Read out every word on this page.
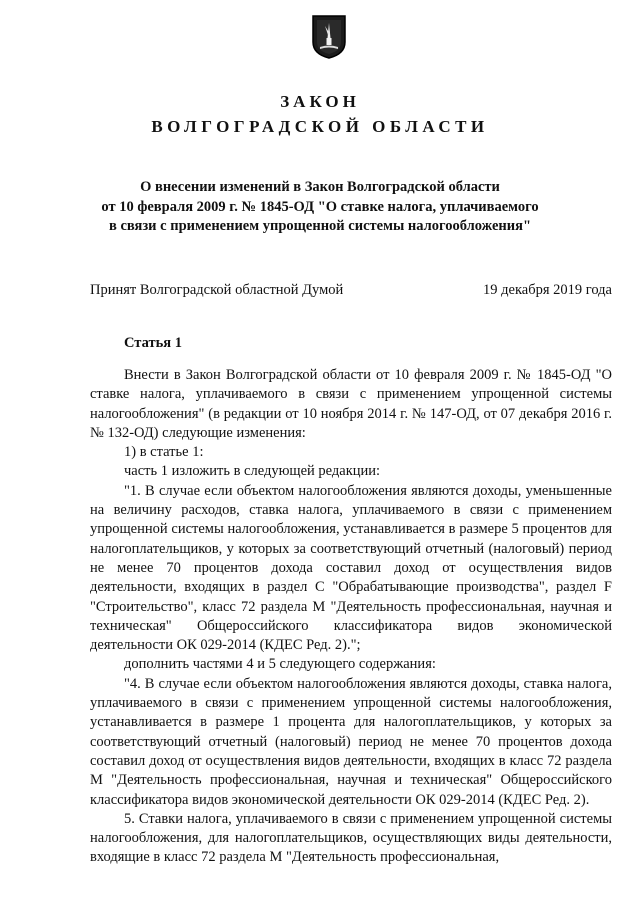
ЗАКОН
ВОЛГОГРАДСКОЙ ОБЛАСТИ
О внесении изменений в Закон Волгоградской области
от 10 февраля 2009 г. № 1845-ОД "О ставке налога, уплачиваемого
в связи с применением упрощенной системы налогообложения"
Принят Волгоградской областной Думой	19 декабря 2019 года
Статья 1

Внести в Закон Волгоградской области от 10 февраля 2009 г. № 1845-ОД "О ставке налога, уплачиваемого в связи с применением упрощенной системы налогообложения" (в редакции от 10 ноября 2014 г. № 147-ОД, от 07 декабря 2016 г. № 132-ОД) следующие изменения:

1) в статье 1:

часть 1 изложить в следующей редакции:

"1. В случае если объектом налогообложения являются доходы, уменьшенные на величину расходов, ставка налога, уплачиваемого в связи с применением упрощенной системы налогообложения, устанавливается в размере 5 процентов для налогоплательщиков, у которых за соответствующий отчетный (налоговый) период не менее 70 процентов дохода составил доход от осуществления видов деятельности, входящих в раздел C "Обрабатывающие производства", раздел F "Строительство", класс 72 раздела M "Деятельность профессиональная, научная и техническая" Общероссийского классификатора видов экономической деятельности ОК 029-2014 (КДЕС Ред. 2).";

дополнить частями 4 и 5 следующего содержания:

"4. В случае если объектом налогообложения являются доходы, ставка налога, уплачиваемого в связи с применением упрощенной системы налогообложения, устанавливается в размере 1 процента для налогоплательщиков, у которых за соответствующий отчетный (налоговый) период не менее 70 процентов дохода составил доход от осуществления видов деятельности, входящих в класс 72 раздела M "Деятельность профессиональная, научная и техническая" Общероссийского классификатора видов экономической деятельности ОК 029-2014 (КДЕС Ред. 2).

5. Ставки налога, уплачиваемого в связи с применением упрощенной системы налогообложения, для налогоплательщиков, осуществляющих виды деятельности, входящие в класс 72 раздела M "Деятельность профессиональная,
